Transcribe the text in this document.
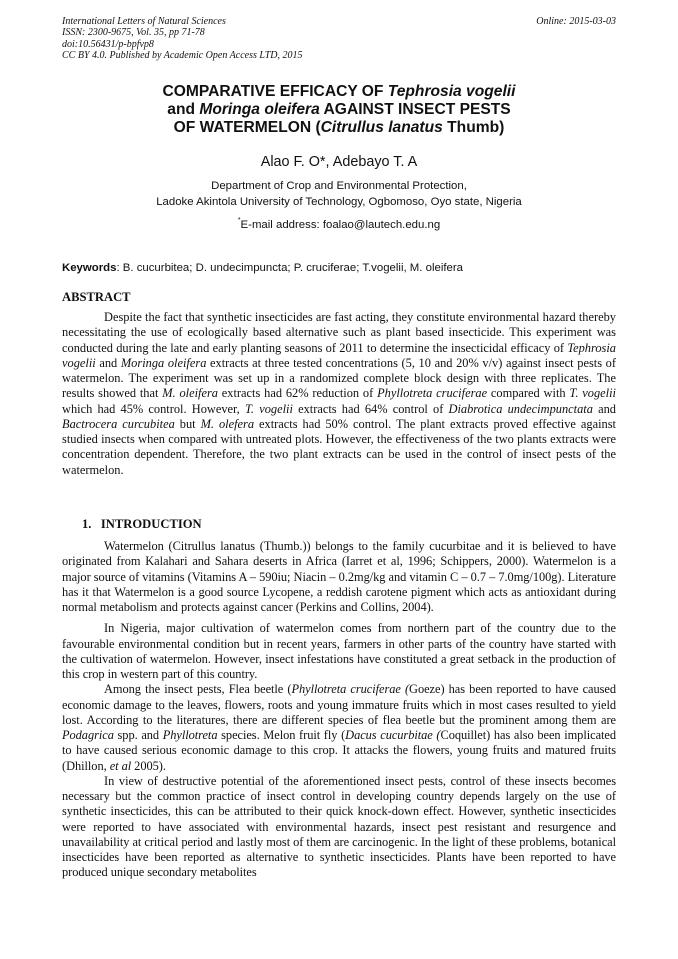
International Letters of Natural Sciences
ISSN: 2300-9675, Vol. 35, pp 71-78
doi:10.56431/p-bpfvp8
CC BY 4.0. Published by Academic Open Access LTD, 2015
Online: 2015-03-03
COMPARATIVE EFFICACY OF Tephrosia vogelii
and Moringa oleifera AGAINST INSECT PESTS
OF WATERMELON (Citrullus lanatus Thumb)
Alao F. O*, Adebayo T. A
Department of Crop and Environmental Protection,
Ladoke Akintola University of Technology, Ogbomoso, Oyo state, Nigeria
*E-mail address: foalao@lautech.edu.ng
Keywords: B. cucurbitea; D. undecimpuncta; P. cruciferae; T.vogelii, M. oleifera
ABSTRACT

Despite the fact that synthetic insecticides are fast acting, they constitute environmental hazard thereby necessitating the use of ecologically based alternative such as plant based insecticide. This experiment was conducted during the late and early planting seasons of 2011 to determine the insecticidal efficacy of Tephrosia vogelii and Moringa oleifera extracts at three tested concentrations (5, 10 and 20% v/v) against insect pests of watermelon. The experiment was set up in a randomized complete block design with three replicates. The results showed that M. oleifera extracts had 62% reduction of Phyllotreta cruciferae compared with T. vogelii which had 45% control. However, T. vogelii extracts had 64% control of Diabrotica undecimpunctata and Bactrocera curcubitea but M. olefera extracts had 50% control. The plant extracts proved effective against studied insects when compared with untreated plots. However, the effectiveness of the two plants extracts were concentration dependent. Therefore, the two plant extracts can be used in the control of insect pests of the watermelon.

1.   INTRODUCTION

Watermelon (Citrullus lanatus (Thumb.)) belongs to the family cucurbitae and it is believed to have originated from Kalahari and Sahara deserts in Africa (Iarret et al, 1996; Schippers, 2000). Watermelon is a major source of vitamins (Vitamins A – 590iu; Niacin – 0.2mg/kg and vitamin C – 0.7 – 7.0mg/100g). Literature has it that Watermelon is a good source Lycopene, a reddish carotene pigment which acts as antioxidant during normal metabolism and protects against cancer (Perkins and Collins, 2004).

In Nigeria, major cultivation of watermelon comes from northern part of the country due to the favourable environmental condition but in recent years, farmers in other parts of the country have started with the cultivation of watermelon. However, insect infestations have constituted a great setback in the production of this crop in western part of this country.

Among the insect pests, Flea beetle (Phyllotreta cruciferae (Goeze) has been reported to have caused economic damage to the leaves, flowers, roots and young immature fruits which in most cases resulted to yield lost. According to the literatures, there are different species of flea beetle but the prominent among them are Podagrica spp. and Phyllotreta species. Melon fruit fly (Dacus cucurbitae (Coquillet) has also been implicated to have caused serious economic damage to this crop. It attacks the flowers, young fruits and matured fruits (Dhillon, et al 2005).

In view of destructive potential of the aforementioned insect pests, control of these insects becomes necessary but the common practice of insect control in developing country depends largely on the use of synthetic insecticides, this can be attributed to their quick knock-down effect. However, synthetic insecticides were reported to have associated with environmental hazards, insect pest resistant and resurgence and unavailability at critical period and lastly most of them are carcinogenic. In the light of these problems, botanical insecticides have been reported as alternative to synthetic insecticides. Plants have been reported to have produced unique secondary metabolites
